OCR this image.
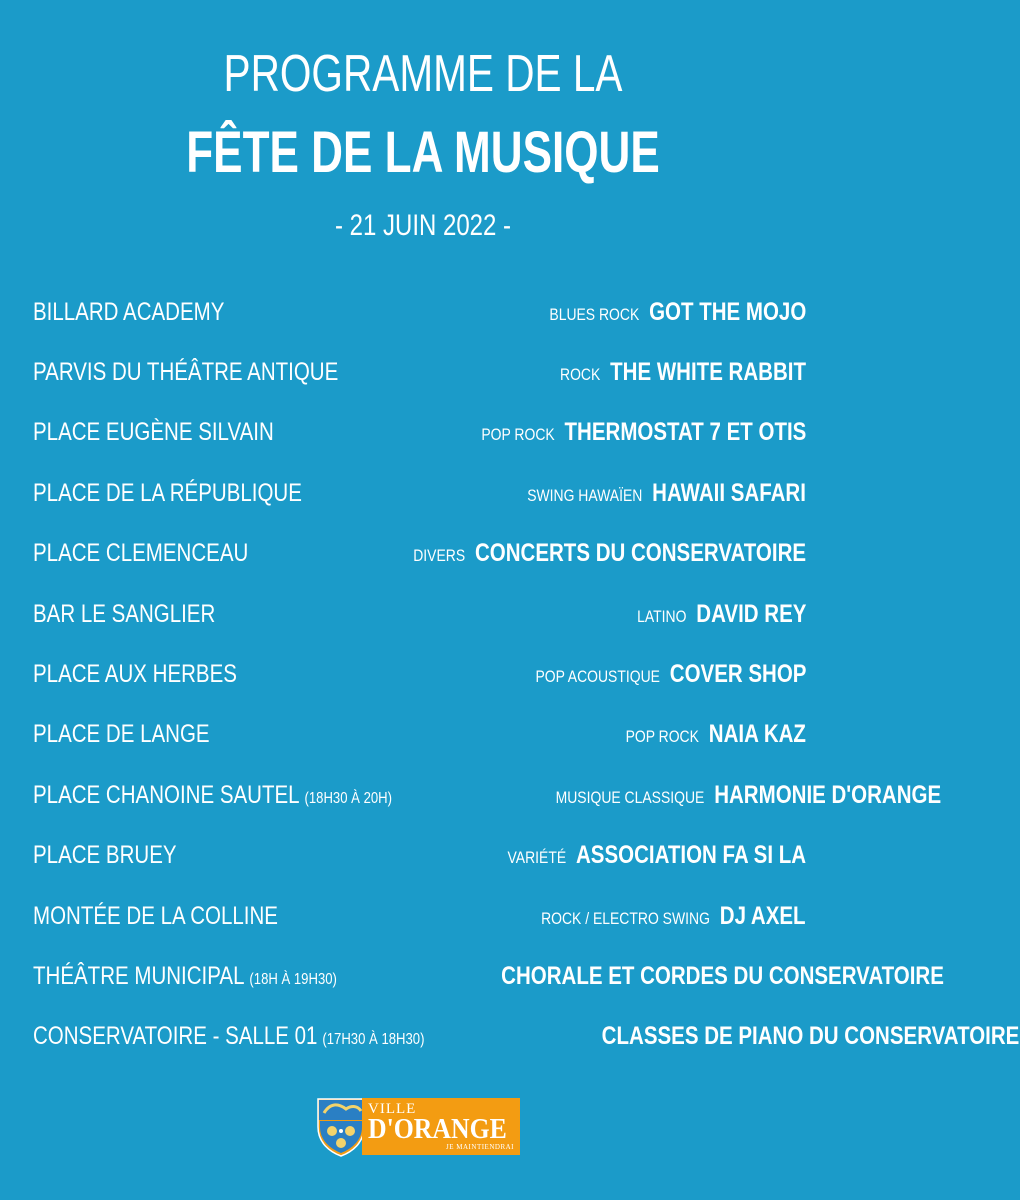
PROGRAMME DE LA
FÊTE DE LA MUSIQUE
- 21 JUIN 2022 -
BILLARD ACADEMY	BLUES ROCK GOT THE MOJO
PARVIS DU THÉÂTRE ANTIQUE	ROCK THE WHITE RABBIT
PLACE EUGÈNE SILVAIN	POP ROCK THERMOSTAT 7 ET OTIS
PLACE DE LA RÉPUBLIQUE	SWING HAWAÏEN HAWAII SAFARI
PLACE CLEMENCEAU	DIVERS CONCERTS DU CONSERVATOIRE
BAR LE SANGLIER	LATINO DAVID REY
PLACE AUX HERBES	POP ACOUSTIQUE COVER SHOP
PLACE DE LANGE	POP ROCK NAIA KAZ
PLACE CHANOINE SAUTEL (18H30 À 20H)	MUSIQUE CLASSIQUE HARMONIE D'ORANGE
PLACE BRUEY	VARIÉTÉ ASSOCIATION FA SI LA
MONTÉE DE LA COLLINE	ROCK / ELECTRO SWING DJ AXEL
THÉÂTRE MUNICIPAL (18H À 19H30)	CHORALE ET CORDES DU CONSERVATOIRE
CONSERVATOIRE - SALLE 01 (17H30 À 18H30)	CLASSES DE PIANO DU CONSERVATOIRE
VILLE
D'ORANGE
JE MAINTIENDRAI
